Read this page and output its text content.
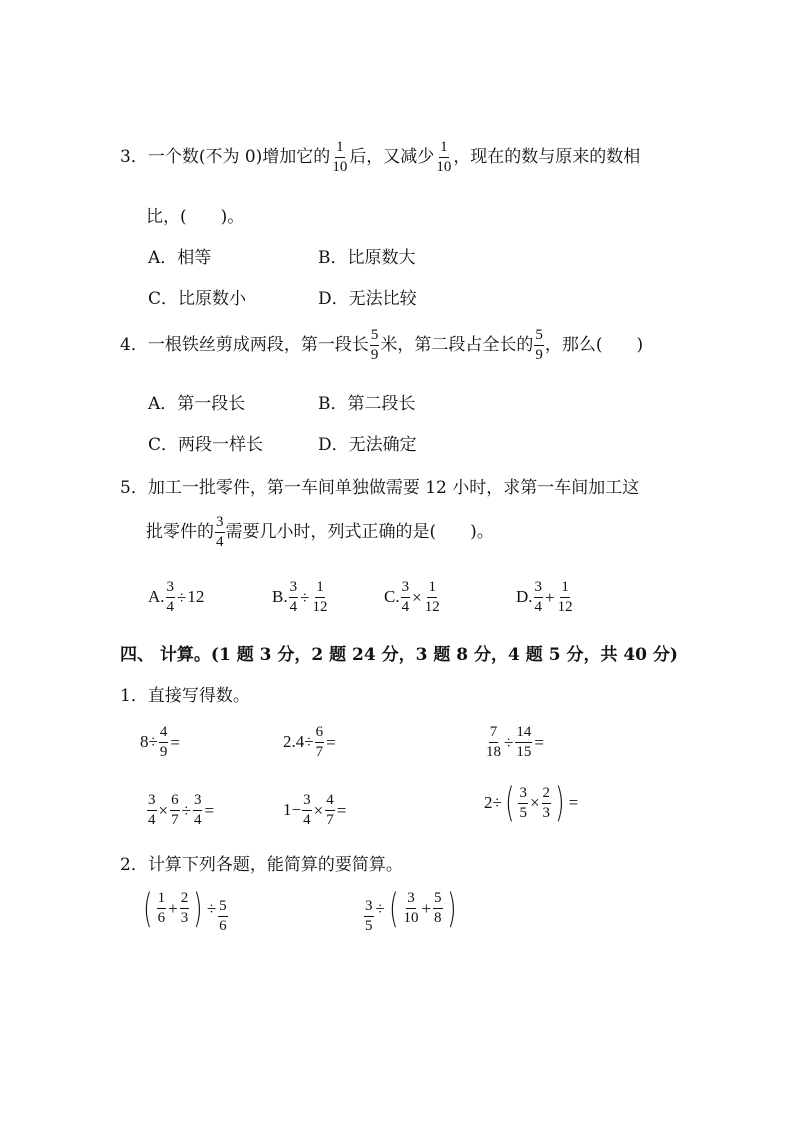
3．一个数(不为 0)增加它的 $\frac{1}{10}$ 后，又减少 $\frac{1}{10}$ ，现在的数与原来的数相
比，(　　)。
A．相等	B．比原数大
C．比原数小	D．无法比较
4．一根铁丝剪成两段，第一段长 $\frac{5}{9}$ 米，第二段占全长的 $\frac{5}{9}$ ，那么(　　)
A．第一段长	B．第二段长
C．两段一样长	D．无法确定
5．加工一批零件，第一车间单独做需要 12 小时，求第一车间加工这
批零件的 $\frac{3}{4}$ 需要几小时，列式正确的是(　　)。
A. $\frac{3}{4} \div 12$	B. $\frac{3}{4} \div \frac{1}{12}$	C. $\frac{3}{4} \times \frac{1}{12}$	D. $\frac{3}{4} + \frac{1}{12}$
四、 计算。(1 题 3 分，2 题 24 分，3 题 8 分，4 题 5 分，共 40 分)
1．直接写得数。
$8\div \frac{4}{9}$ =	$2.4\div \frac{6}{7}$ =	$\frac{7}{18} \div \frac{14}{15}$ =
$\frac{3}{4} \times \frac{6}{7} \div \frac{3}{4}$ =	$1- \frac{3}{4} \times \frac{4}{7}$ =	$2\div( \frac{3}{5} \times \frac{2}{3}$ ) =
2．计算下列各题，能简算的要简算。
( $\frac{1}{6} + \frac{2}{3}$ ) ÷ $\frac{5}{6}$	$\frac{3}{5}$ ÷ ( $\frac{3}{10} + \frac{5}{8}$ )
